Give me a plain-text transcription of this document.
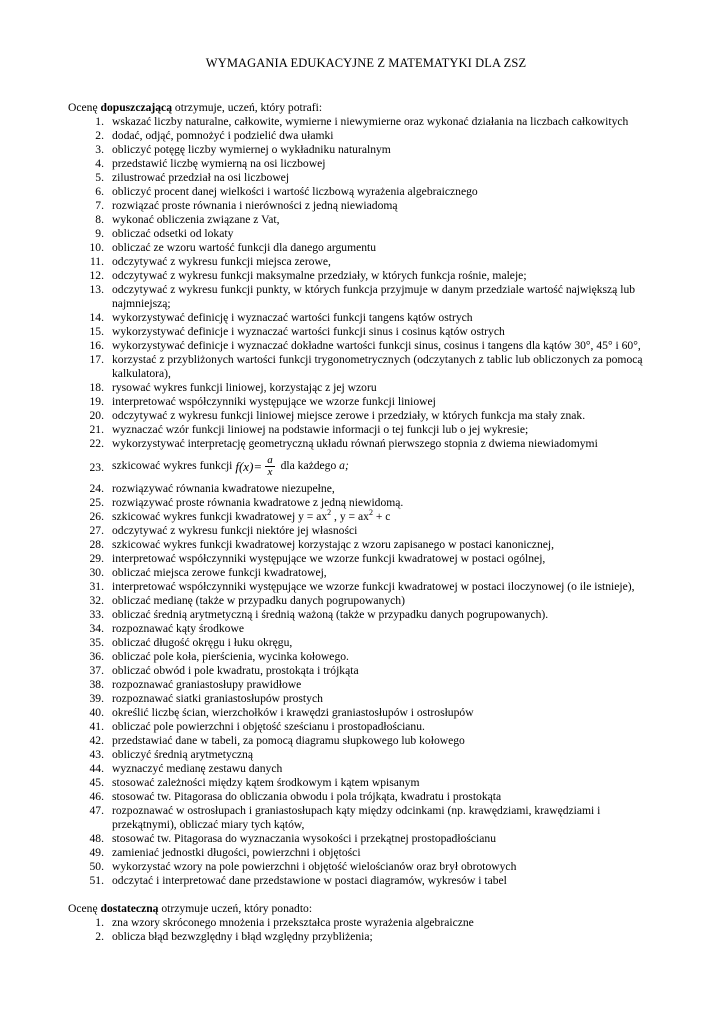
WYMAGANIA EDUKACYJNE Z MATEMATYKI DLA ZSZ

Ocenę dopuszczającą otrzymuje, uczeń, który potrafi:

1. wskazać liczby naturalne, całkowite, wymierne i niewymierne oraz wykonać działania na liczbach całkowitych
2. dodać, odjąć, pomnożyć i podzielić dwa ułamki
3. obliczyć potęgę liczby wymiernej o wykładniku naturalnym
4. przedstawić liczbę wymierną na osi liczbowej
5. zilustrować przedział na osi liczbowej
6. obliczyć procent danej wielkości i wartość liczbową wyrażenia algebraicznego
7. rozwiązać proste równania i nierówności z jedną niewiadomą
8. wykonać obliczenia związane z Vat,
9. obliczać odsetki od lokaty
10. obliczać ze wzoru wartość funkcji dla danego argumentu
11. odczytywać z wykresu funkcji miejsca zerowe,
12. odczytywać z wykresu funkcji maksymalne przedziały, w których funkcja rośnie, maleje;
13. odczytywać z wykresu funkcji punkty, w których funkcja przyjmuje w danym przedziale wartość największą lub najmniejszą;
14. wykorzystywać definicję i wyznaczać wartości funkcji tangens kątów ostrych
15. wykorzystywać definicje i wyznaczać wartości funkcji sinus i cosinus kątów ostrych
16. wykorzystywać definicje i wyznaczać dokładne wartości funkcji sinus, cosinus i tangens dla kątów 30°, 45° i 60°,
17. korzystać z przybliżonych wartości funkcji trygonometrycznych (odczytanych z tablic lub obliczonych za pomocą kalkulatora),
18. rysować wykres funkcji liniowej, korzystając z jej wzoru
19. interpretować współczynniki występujące we wzorze funkcji liniowej
20. odczytywać z wykresu funkcji liniowej miejsce zerowe i przedziały, w których funkcja ma stały znak.
21. wyznaczać wzór funkcji liniowej na podstawie informacji o tej funkcji lub o jej wykresie;
22. wykorzystywać interpretację geometryczną układu równań pierwszego stopnia z dwiema niewiadomymi
23. szkicować wykres funkcji f ( x ) = $\frac{a}{x}$ dla każdego a;
24. rozwiązywać równania kwadratowe niezupełne,
25. rozwiązywać proste równania kwadratowe z jedną niewidomą.
26. szkicować wykres funkcji kwadratowej $y = ax^2$ , $y = ax^2 + c$
27. odczytywać z wykresu funkcji niektóre jej własności
28. szkicować wykres funkcji kwadratowej korzystając z wzoru zapisanego w postaci kanonicznej,
29. interpretować współczynniki występujące we wzorze funkcji kwadratowej w postaci ogólnej,
30. obliczać miejsca zerowe funkcji kwadratowej,
31. interpretować współczynniki występujące we wzorze funkcji kwadratowej w postaci iloczynowej (o ile istnieje),
32. obliczać medianę (także w przypadku danych pogrupowanych)
33. obliczać średnią arytmetyczną i średnią ważoną (także w przypadku danych pogrupowanych).
34. rozpoznawać kąty środkowe
35. obliczać długość okręgu i łuku okręgu,
36. obliczać pole koła, pierścienia, wycinka kołowego.
37. obliczać obwód i pole kwadratu, prostokąta i trójkąta
38. rozpoznawać graniastosłupy prawidłowe
39. rozpoznawać siatki graniastosłupów prostych
40. określić liczbę ścian, wierzchołków i krawędzi graniastosłupów i ostrosłupów
41. obliczać pole powierzchni i objętość sześcianu i prostopadłościanu.
42. przedstawiać dane w tabeli, za pomocą diagramu słupkowego lub kołowego
43. obliczyć średnią arytmetyczną
44. wyznaczyć medianę zestawu danych
45. stosować zależności między kątem środkowym i kątem wpisanym
46. stosować tw. Pitagorasa do obliczania obwodu i pola trójkąta, kwadratu i prostokąta
47. rozpoznawać w ostrosłupach i graniastosłupach kąty między odcinkami (np. krawędziami, krawędziami i przekątnymi), obliczać miary tych kątów,
48. stosować tw. Pitagorasa do wyznaczania wysokości i przekątnej prostopadłościanu
49. zamieniać jednostki długości, powierzchni i objętości
50. wykorzystać wzory na pole powierzchni i objętość wielościanów oraz brył obrotowych
51. odczytać i interpretować dane przedstawione w postaci diagramów, wykresów i tabel

Ocenę dostateczną otrzymuje uczeń, który ponadto:

1. zna wzory skróconego mnożenia i przekształca proste wyrażenia algebraiczne
2. oblicza błąd bezwzględny i błąd względny przybliżenia;
